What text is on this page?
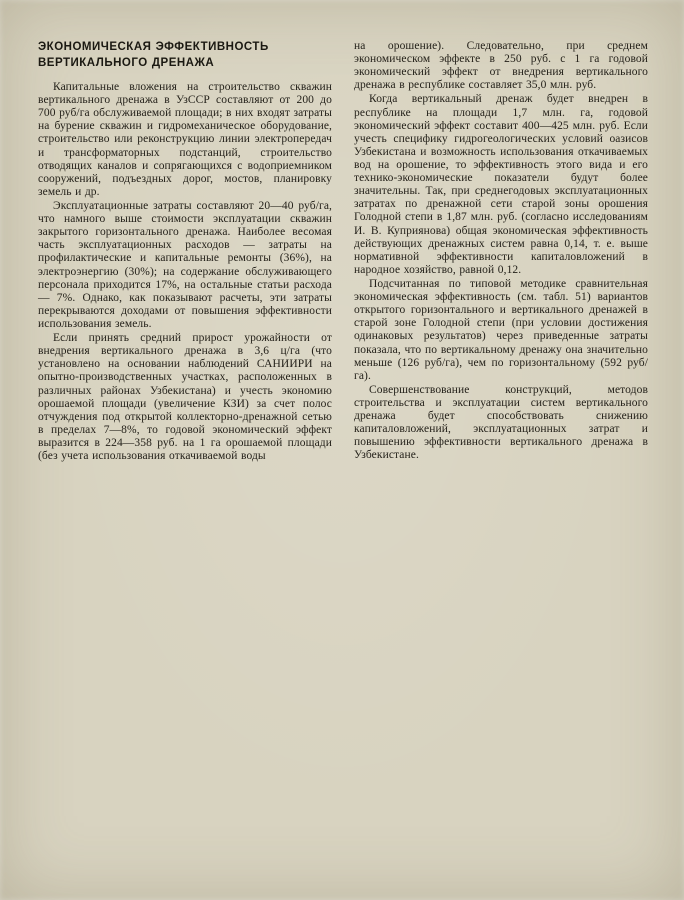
ЭКОНОМИЧЕСКАЯ ЭФФЕКТИВНОСТЬ
ВЕРТИКАЛЬНОГО ДРЕНАЖА

Капитальные вложения на строительство скважин вертикального дренажа в УзССР составляют от 200 до 700 руб/га обслуживаемой площади; в них входят затраты на бурение скважин и гидромеханическое оборудование, строительство или реконструкцию линии электропередач и трансформаторных подстанций, строительство отводящих каналов и сопрягающихся с водоприемником сооружений, подъездных дорог, мостов, планировку земель и др.

Эксплуатационные затраты составляют 20—40 руб/га, что намного выше стоимости эксплуатации скважин закрытого горизонтального дренажа. Наиболее весомая часть эксплуатационных расходов — затраты на профилактические и капитальные ремонты (36%), на электроэнергию (30%); на содержание обслуживающего персонала приходится 17%, на остальные статьи расхода — 7%. Однако, как показывают расчеты, эти затраты перекрываются доходами от повышения эффективности использования земель.

Если принять средний прирост урожайности от внедрения вертикального дренажа в 3,6 ц/га (что установлено на основании наблюдений САНИИРИ на опытно-производственных участках, расположенных в различных районах Узбекистана) и учесть экономию орошаемой площади (увеличение КЗИ) за счет полос отчуждения под открытой коллекторно-дренажной сетью в пределах 7—8%, то годовой экономический эффект выразится в 224—358 руб. на 1 га орошаемой площади (без учета использования откачиваемой воды

на орошение). Следовательно, при среднем экономическом эффекте в 250 руб. с 1 га годовой экономический эффект от внедрения вертикального дренажа в республике составляет 35,0 млн. руб.

Когда вертикальный дренаж будет внедрен в республике на площади 1,7 млн. га, годовой экономический эффект составит 400—425 млн. руб. Если учесть специфику гидрогеологических условий оазисов Узбекистана и возможность использования откачиваемых вод на орошение, то эффективность этого вида и его технико-экономические показатели будут более значительны. Так, при среднегодовых эксплуатационных затратах по дренажной сети старой зоны орошения Голодной степи в 1,87 млн. руб. (согласно исследованиям И. В. Куприянова) общая экономическая эффективность действующих дренажных систем равна 0,14, т. е. выше нормативной эффективности капиталовложений в народное хозяйство, равной 0,12.

Подсчитанная по типовой методике сравнительная экономическая эффективность (см. табл. 51) вариантов открытого горизонтального и вертикального дренажей в старой зоне Голодной степи (при условии достижения одинаковых результатов) через приведенные затраты показала, что по вертикальному дренажу она значительно меньше (126 руб/га), чем по горизонтальному (592 руб/га).

Совершенствование конструкций, методов строительства и эксплуатации систем вертикального дренажа будет способствовать снижению капиталовложений, эксплуатационных затрат и повышению эффективности вертикального дренажа в Узбекистане.
